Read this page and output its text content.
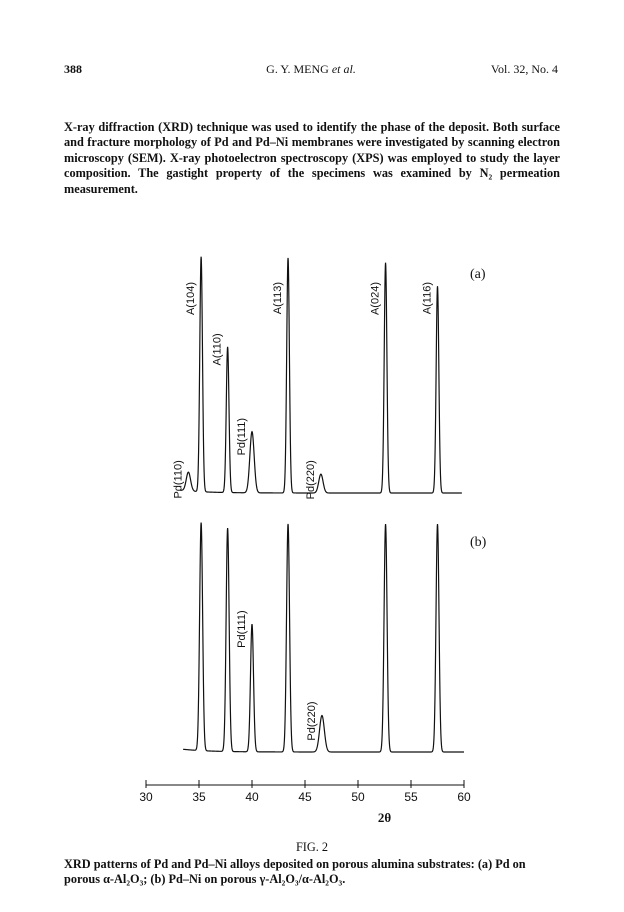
388	G. Y. MENG et al.	Vol. 32, No. 4

X-ray diffraction (XRD) technique was used to identify the phase of the deposit. Both surface and fracture morphology of Pd and Pd–Ni membranes were investigated by scanning electron microscopy (SEM). X-ray photoelectron spectroscopy (XPS) was employed to study the layer composition. The gastight property of the specimens was examined by N₂ permeation measurement.

(a)
Pd(110)
A(104)
A(110)
Pd(111)
A(113)
Pd(220)
A(024)	A(116)
(b)
Pd(111)
Pd(220)
30	35	40	45	50	55	60
2θ
FIG. 2
XRD patterns of Pd and Pd–Ni alloys deposited on porous alumina substrates: (a) Pd on porous α-Al₂O₃; (b) Pd–Ni on porous γ-Al₂O₃/α-Al₂O₃.
